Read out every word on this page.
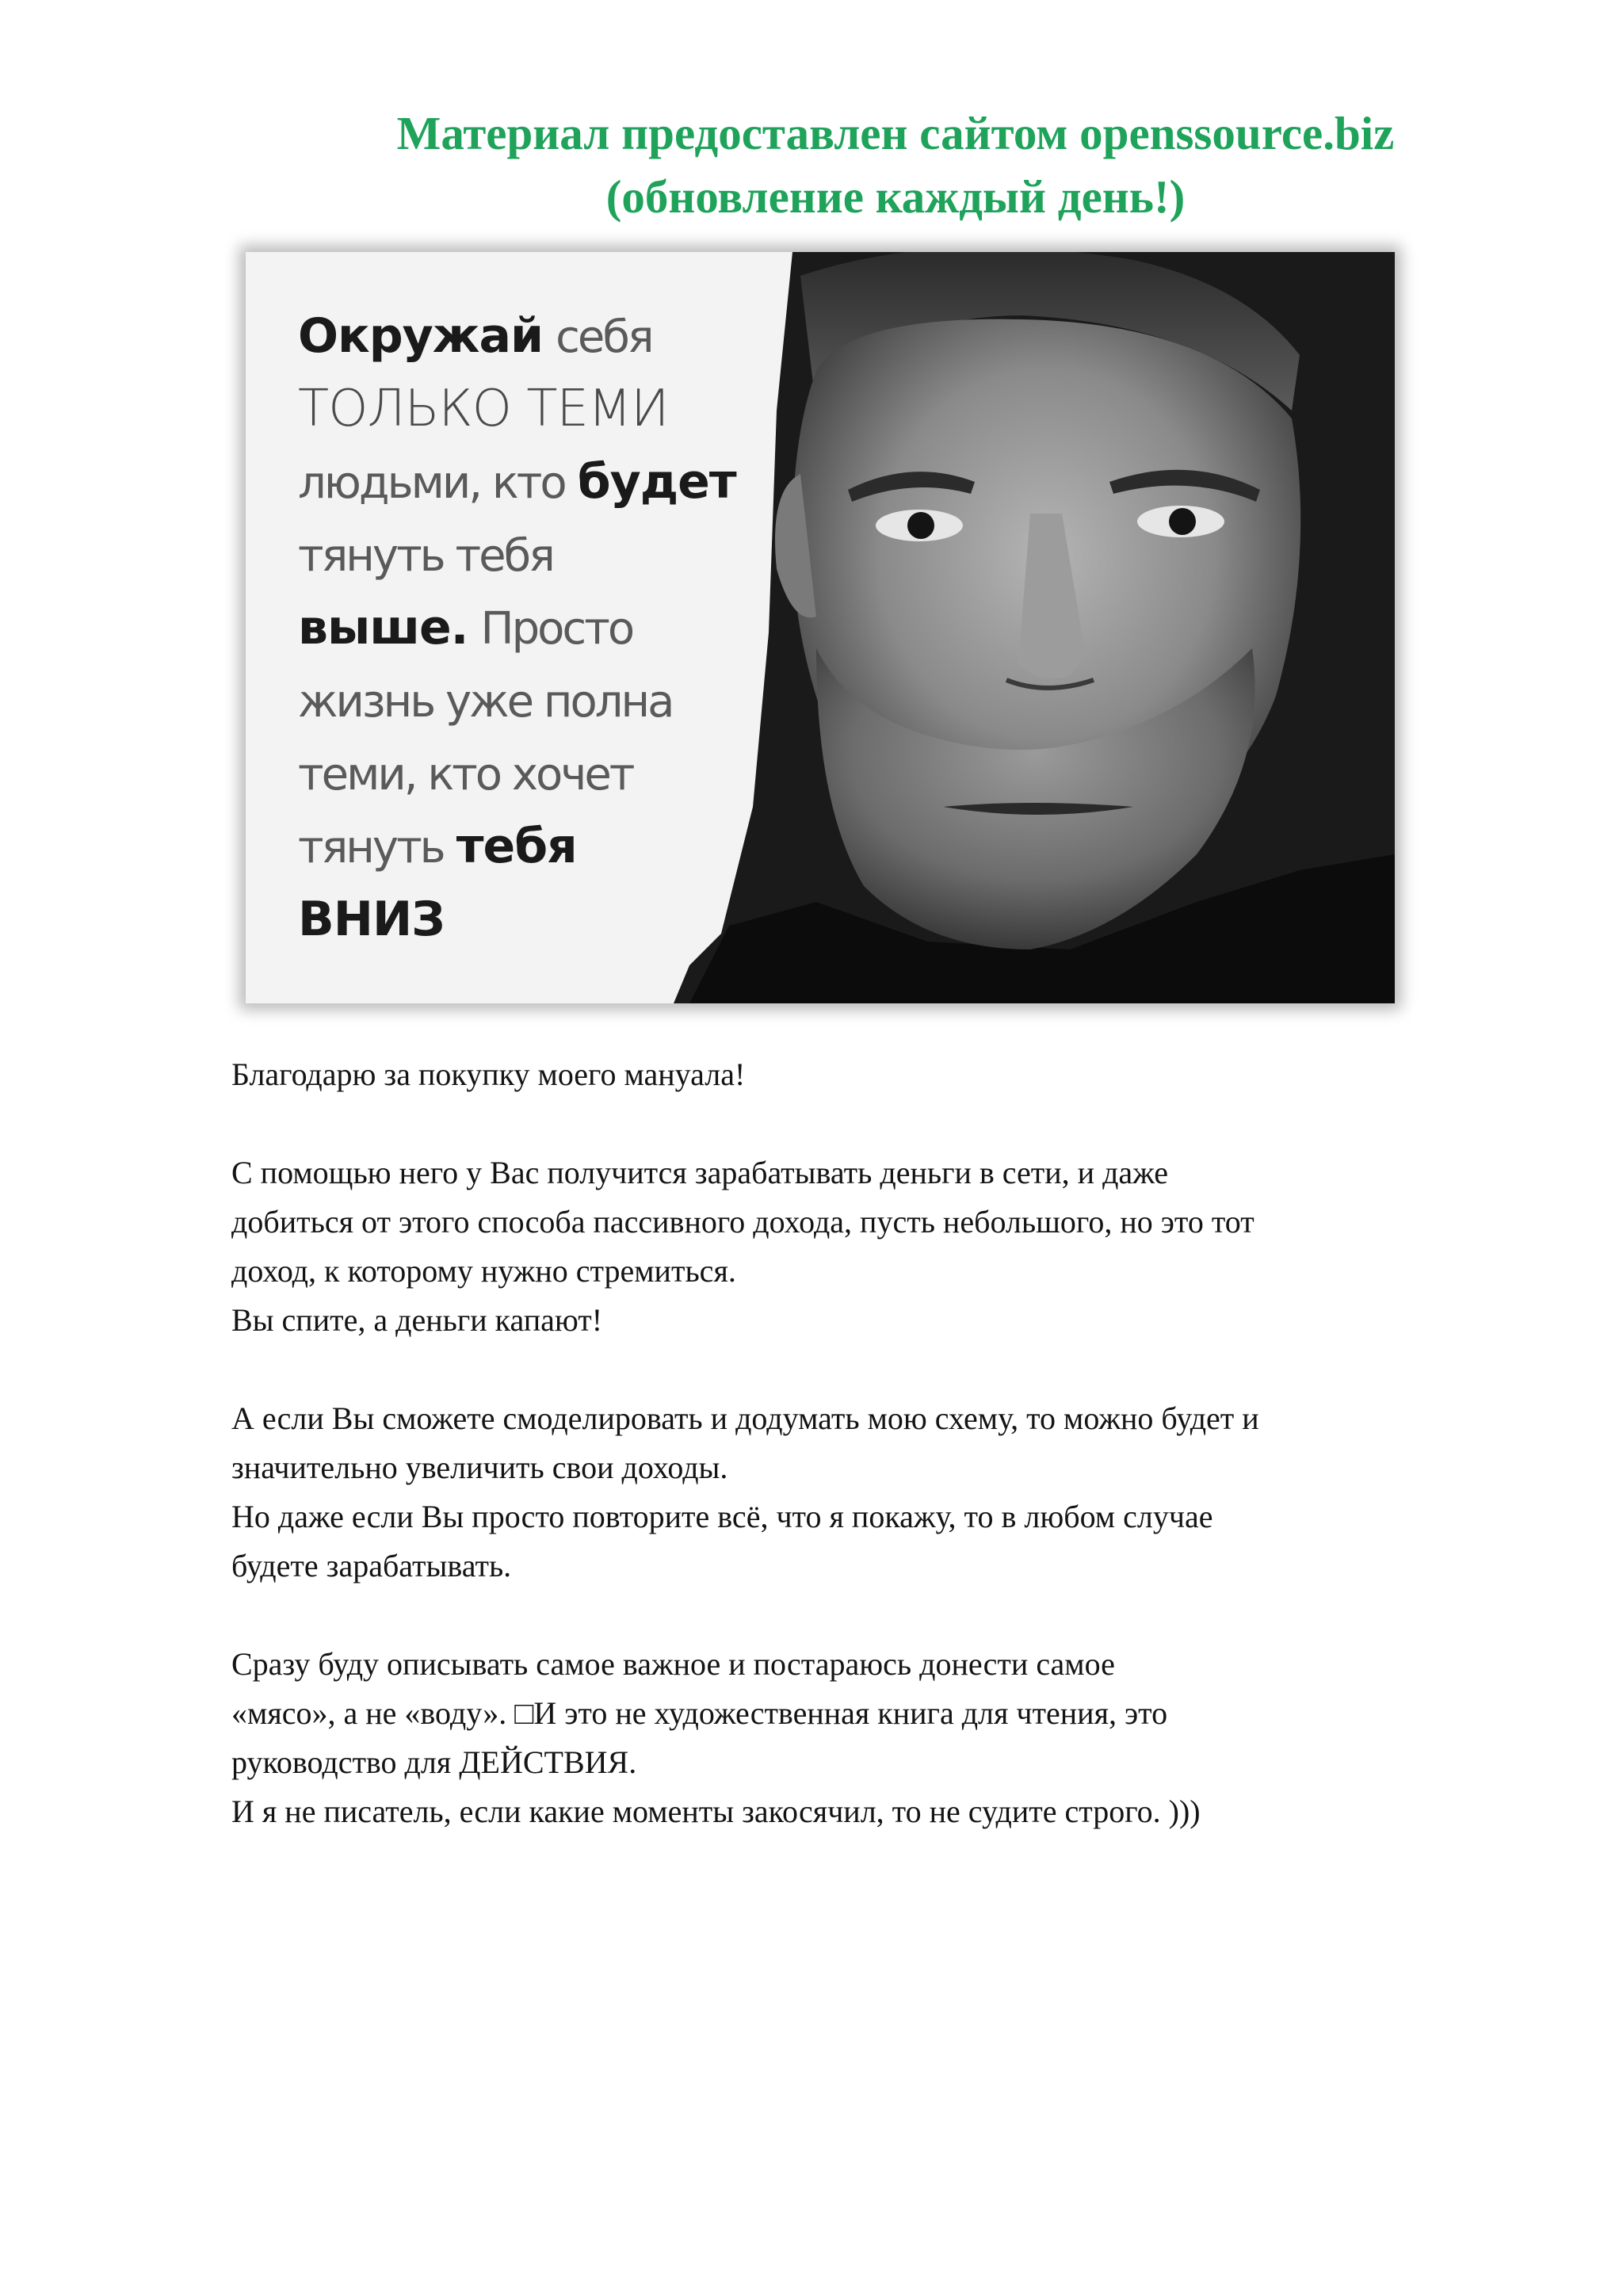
Материал предоставлен сайтом openssource.biz
(обновление каждый день!)
Окружай себя
ТОЛЬКО ТЕМИ
людьми, кто будет
тянуть тебя
выше. Просто
жизнь уже полна
теми, кто хочет
тянуть тебя
ВНИЗ
Благодарю за покупку моего мануала!
С помощью него у Вас получится зарабатывать деньги в сети, и даже
добиться от этого способа пассивного дохода, пусть небольшого, но это тот
доход, к которому нужно стремиться.
Вы спите, а деньги капают!
А если Вы сможете смоделировать и додумать мою схему, то можно будет и
значительно увеличить свои доходы.
Но даже если Вы просто повторите всё, что я покажу, то в любом случае
будете зарабатывать.
Сразу буду описывать самое важное и постараюсь донести самое
«мясо», а не «воду». □И это не художественная книга для чтения, это
руководство для ДЕЙСТВИЯ.
И я не писатель, если какие моменты закосячил, то не судите строго. )))
